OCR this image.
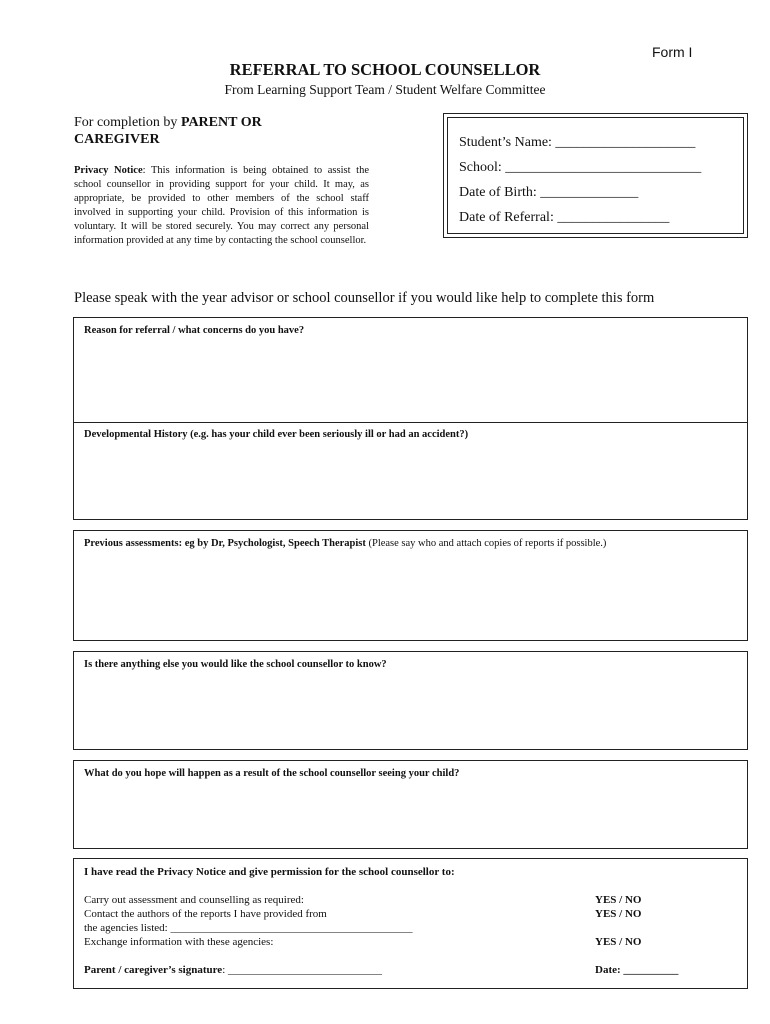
Form I
REFERRAL TO SCHOOL COUNSELLOR
From Learning Support Team / Student Welfare Committee
For completion by PARENT OR
CAREGIVER
Privacy Notice: This information is being obtained to assist the school counsellor in providing support for your child. It may, as appropriate, be provided to other members of the school staff involved in supporting your child. Provision of this information is voluntary. It will be stored securely. You may correct any personal information provided at any time by contacting the school counsellor.
Student’s Name: ____________________
School: ____________________________
Date of Birth: ______________
Date of Referral: ________________
Please speak with the year advisor or school counsellor if you would like help to complete this form
Reason for referral / what concerns do you have?
Developmental History (e.g. has your child ever been seriously ill or had an accident?)
Previous assessments: eg by Dr, Psychologist, Speech Therapist (Please say who and attach copies of reports if possible.)
Is there anything else you would like the school counsellor to know?
What do you hope will happen as a result of the school counsellor seeing your child?
I have read the Privacy Notice and give permission for the school counsellor to:
Carry out assessment and counselling as required:	YES / NO
Contact the authors of the reports I have provided from	YES / NO
the agencies listed: ____________________________________________
Exchange information with these agencies:	YES / NO
Parent / caregiver’s signature: ____________________________	Date: __________
